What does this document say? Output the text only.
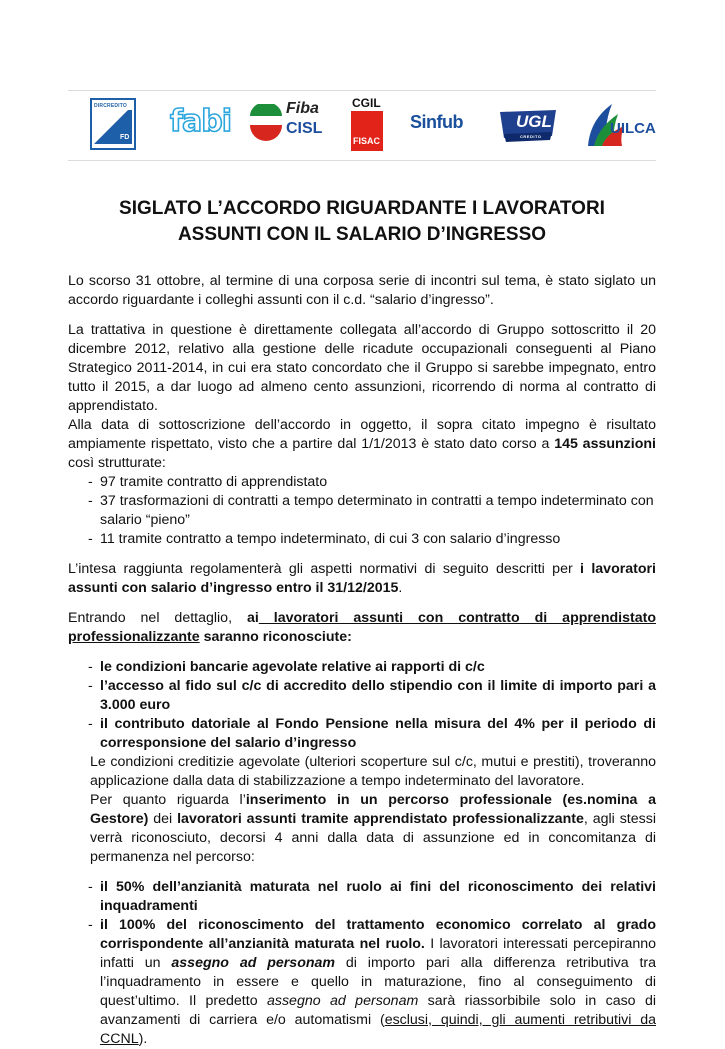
DIRCREDITO
FD fabi	Fiba
CISL
CGIL
FISAC
Sinfub	UGL
CREDITO	UILCA
SIGLATO L’ACCORDO RIGUARDANTE I LAVORATORI
ASSUNTI CON IL SALARIO D’INGRESSO

Lo scorso 31 ottobre, al termine di una corposa serie di incontri sul tema, è stato siglato un accordo riguardante i colleghi assunti con il c.d. “salario d’ingresso”.

La trattativa in questione è direttamente collegata all’accordo di Gruppo sottoscritto il 20 dicembre 2012, relativo alla gestione delle ricadute occupazionali conseguenti al Piano Strategico 2011-2014, in cui era stato concordato che il Gruppo si sarebbe impegnato, entro tutto il 2015, a dar luogo ad almeno cento assunzioni, ricorrendo di norma al contratto di apprendistato.

Alla data di sottoscrizione dell’accordo in oggetto, il sopra citato impegno è risultato ampiamente rispettato, visto che a partire dal 1/1/2013 è stato dato corso a 145 assunzioni così strutturate:

- 97 tramite contratto di apprendistato
- 37 trasformazioni di contratti a tempo determinato in contratti a tempo indeterminato con salario “pieno”
- 11 tramite contratto a tempo indeterminato, di cui 3 con salario d’ingresso

L’intesa raggiunta regolamenterà gli aspetti normativi di seguito descritti per i lavoratori assunti con salario d’ingresso entro il 31/12/2015.

Entrando nel dettaglio, ai lavoratori assunti con contratto di apprendistato professionalizzante saranno riconosciute:

- le condizioni bancarie agevolate relative ai rapporti di c/c
- l’accesso al fido sul c/c di accredito dello stipendio con il limite di importo pari a 3.000 euro
- il contributo datoriale al Fondo Pensione nella misura del 4% per il periodo di corresponsione del salario d’ingresso

Le condizioni creditizie agevolate (ulteriori scoperture sul c/c, mutui e prestiti), troveranno applicazione dalla data di stabilizzazione a tempo indeterminato del lavoratore.

Per quanto riguarda l’inserimento in un percorso professionale (es.nomina a Gestore) dei lavoratori assunti tramite apprendistato professionalizzante, agli stessi verrà riconosciuto, decorsi 4 anni dalla data di assunzione ed in concomitanza di permanenza nel percorso:

- il 50% dell’anzianità maturata nel ruolo ai fini del riconoscimento dei relativi inquadramenti
- il 100% del riconoscimento del trattamento economico correlato al grado corrispondente all’anzianità maturata nel ruolo. I lavoratori interessati percepiranno infatti un assegno ad personam di importo pari alla differenza retributiva tra l’inquadramento in essere e quello in maturazione, fino al conseguimento di quest’ultimo. Il predetto assegno ad personam sarà riassorbibile solo in caso di avanzamenti di carriera e/o automatismi (esclusi, quindi, gli aumenti retributivi da CCNL).
